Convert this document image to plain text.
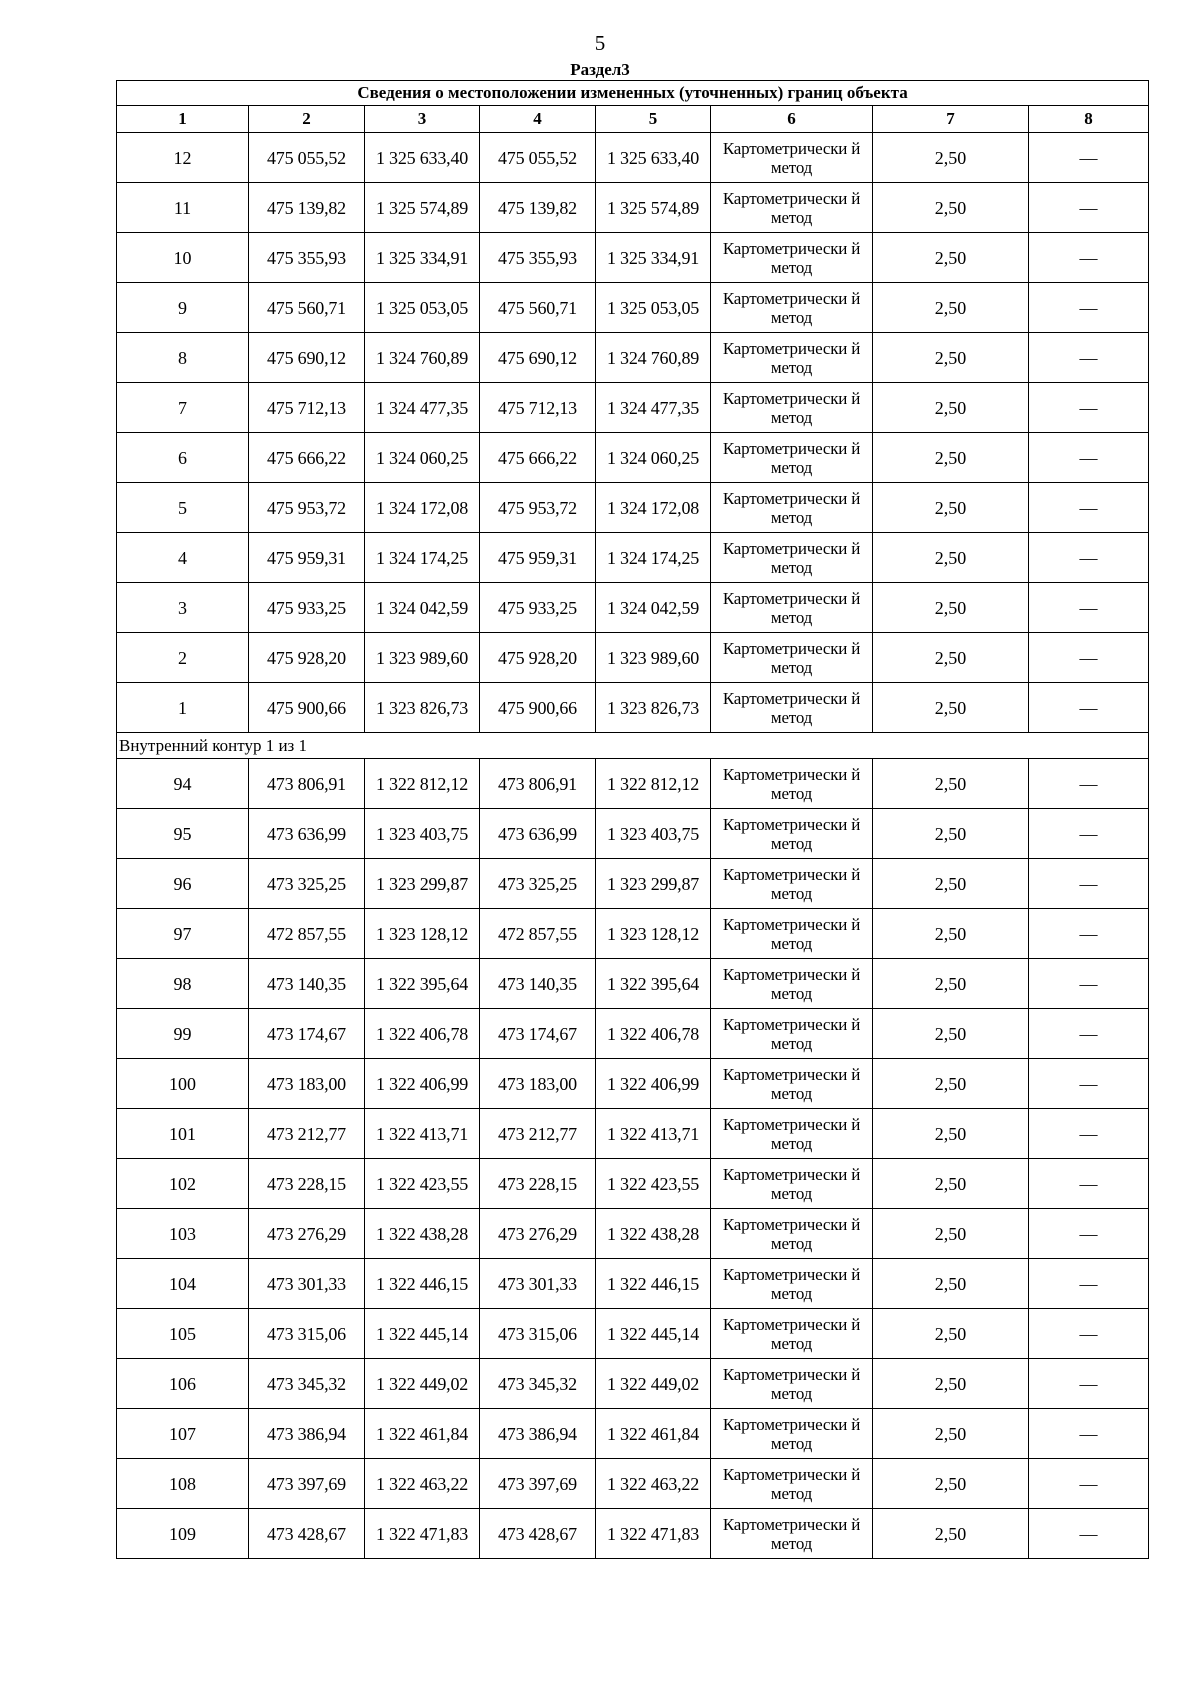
5
Раздел3
Сведения о местоположении измененных (уточненных) границ объекта							
1	2	3	4	5	6	7	8
12	475 055,52	1 325 633,40	475 055,52	1 325 633,40	Картометрически й метод	2,50	—
11	475 139,82	1 325 574,89	475 139,82	1 325 574,89	Картометрически й метод	2,50	—
10	475 355,93	1 325 334,91	475 355,93	1 325 334,91	Картометрически й метод	2,50	—
9	475 560,71	1 325 053,05	475 560,71	1 325 053,05	Картометрически й метод	2,50	—
8	475 690,12	1 324 760,89	475 690,12	1 324 760,89	Картометрически й метод	2,50	—
7	475 712,13	1 324 477,35	475 712,13	1 324 477,35	Картометрически й метод	2,50	—
6	475 666,22	1 324 060,25	475 666,22	1 324 060,25	Картометрически й метод	2,50	—
5	475 953,72	1 324 172,08	475 953,72	1 324 172,08	Картометрически й метод	2,50	—
4	475 959,31	1 324 174,25	475 959,31	1 324 174,25	Картометрически й метод	2,50	—
3	475 933,25	1 324 042,59	475 933,25	1 324 042,59	Картометрически й метод	2,50	—
2	475 928,20	1 323 989,60	475 928,20	1 323 989,60	Картометрически й метод	2,50	—
1	475 900,66	1 323 826,73	475 900,66	1 323 826,73	Картометрически й метод	2,50	—
Внутренний контур 1 из 1							
94	473 806,91	1 322 812,12	473 806,91	1 322 812,12	Картометрически й метод	2,50	—
95	473 636,99	1 323 403,75	473 636,99	1 323 403,75	Картометрически й метод	2,50	—
96	473 325,25	1 323 299,87	473 325,25	1 323 299,87	Картометрически й метод	2,50	—
97	472 857,55	1 323 128,12	472 857,55	1 323 128,12	Картометрически й метод	2,50	—
98	473 140,35	1 322 395,64	473 140,35	1 322 395,64	Картометрически й метод	2,50	—
99	473 174,67	1 322 406,78	473 174,67	1 322 406,78	Картометрически й метод	2,50	—
100	473 183,00	1 322 406,99	473 183,00	1 322 406,99	Картометрически й метод	2,50	—
101	473 212,77	1 322 413,71	473 212,77	1 322 413,71	Картометрически й метод	2,50	—
102	473 228,15	1 322 423,55	473 228,15	1 322 423,55	Картометрически й метод	2,50	—
103	473 276,29	1 322 438,28	473 276,29	1 322 438,28	Картометрически й метод	2,50	—
104	473 301,33	1 322 446,15	473 301,33	1 322 446,15	Картометрически й метод	2,50	—
105	473 315,06	1 322 445,14	473 315,06	1 322 445,14	Картометрически й метод	2,50	—
106	473 345,32	1 322 449,02	473 345,32	1 322 449,02	Картометрически й метод	2,50	—
107	473 386,94	1 322 461,84	473 386,94	1 322 461,84	Картометрически й метод	2,50	—
108	473 397,69	1 322 463,22	473 397,69	1 322 463,22	Картометрически й метод	2,50	—
109	473 428,67	1 322 471,83	473 428,67	1 322 471,83	Картометрически й метод	2,50	—
